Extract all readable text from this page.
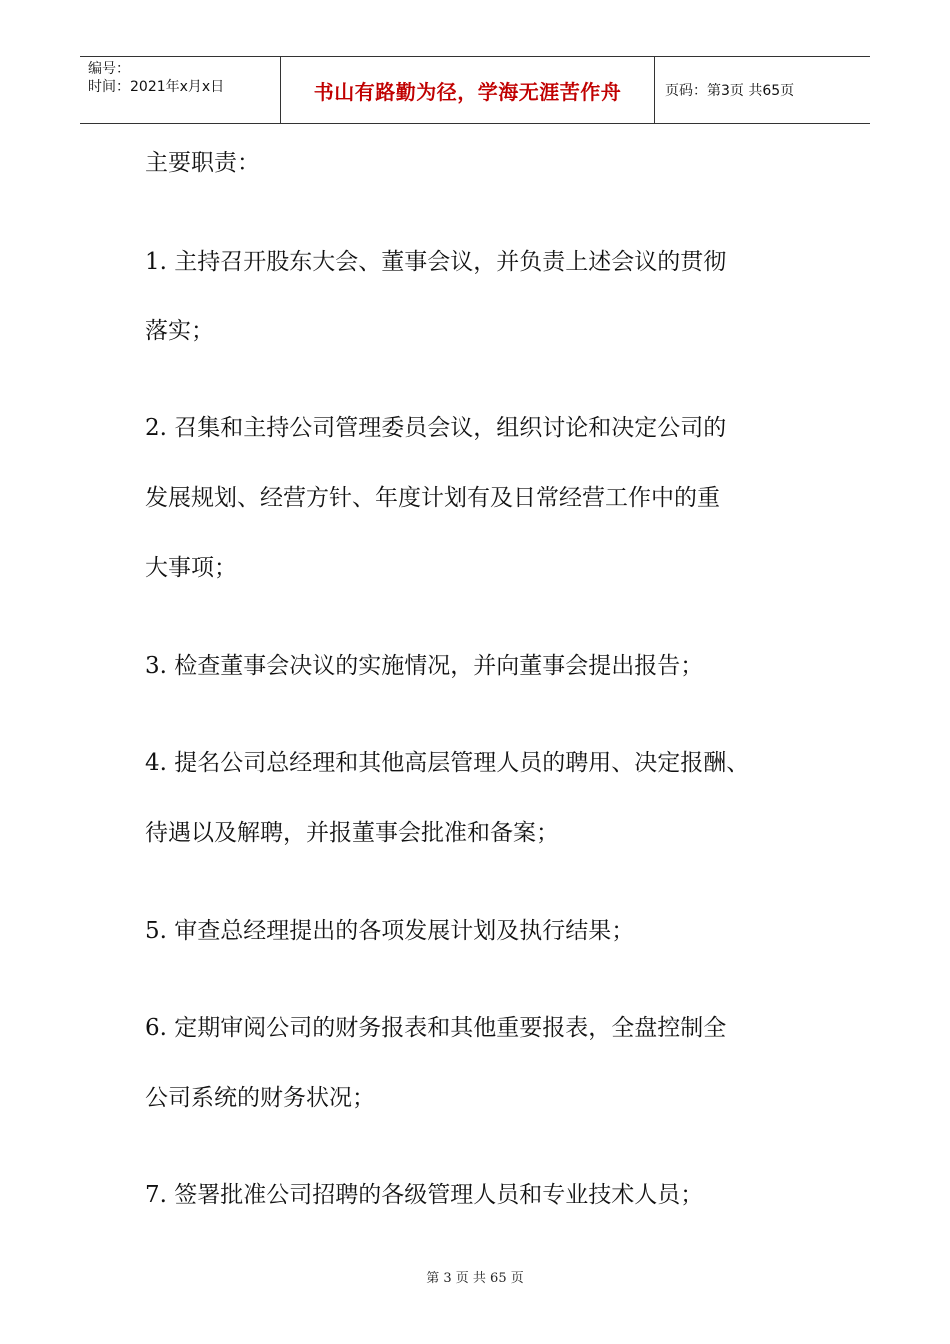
编号：
时间：2021年x月x日	书山有路勤为径，学海无涯苦作舟	页码：第3页 共65页
主要职责：
1. 主持召开股东大会、董事会议，并负责上述会议的贯彻
落实；
2. 召集和主持公司管理委员会议，组织讨论和决定公司的
发展规划、经营方针、年度计划有及日常经营工作中的重
大事项；
3. 检查董事会决议的实施情况，并向董事会提出报告；
4. 提名公司总经理和其他高层管理人员的聘用、决定报酬、
待遇以及解聘，并报董事会批准和备案；
5. 审查总经理提出的各项发展计划及执行结果；
6. 定期审阅公司的财务报表和其他重要报表，全盘控制全
公司系统的财务状况；
7. 签署批准公司招聘的各级管理人员和专业技术人员；
第 3 页 共 65 页
